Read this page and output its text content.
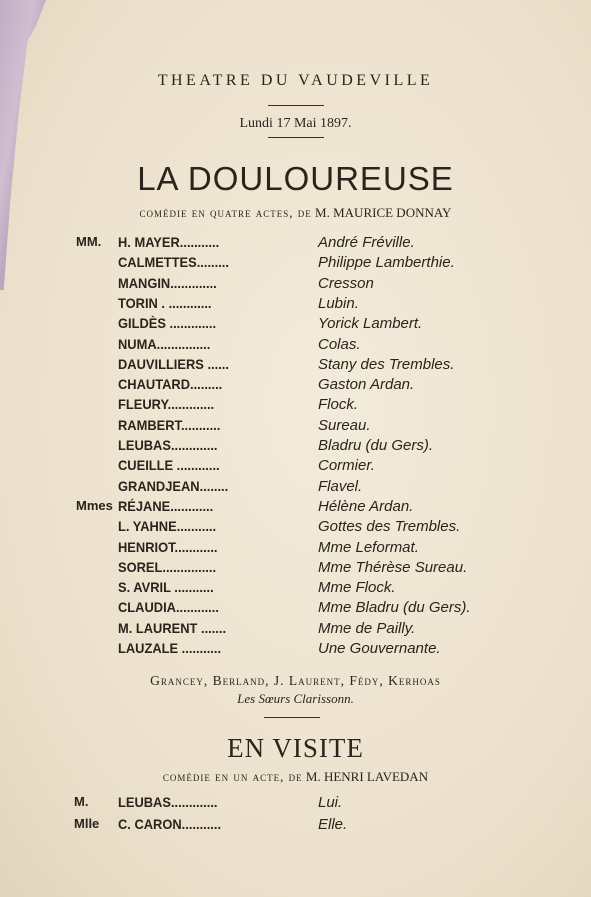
THEATRE DU VAUDEVILLE
Lundi 17 Mai 1897.
LA DOULOUREUSE
comédie en quatre actes, de M. MAURICE DONNAY
MM. H. MAYER...........	André Fréville.
CALMETTES.........	Philippe Lamberthie.
MANGIN.............	Cresson
TORIN . ............	Lubin.
GILDÈS .............	Yorick Lambert.
NUMA...............	Colas.
DAUVILLIERS ......	Stany des Trembles.
CHAUTARD.........	Gaston Ardan.
FLEURY.............	Flock.
RAMBERT...........	Sureau.
LEUBAS.............	Bladru (du Gers).
CUEILLE ............	Cormier.
GRANDJEAN........	Flavel.
Mmes RÉJANE............	Hélène Ardan.
L. YAHNE...........	Gottes des Trembles.
HENRIOT............	Mme Leformat.
SOREL...............	Mme Thérèse Sureau.
S. AVRIL ...........	Mme Flock.
CLAUDIA............	Mme Bladru (du Gers).
M. LAURENT .......	Mme de Pailly.
LAUZALE ...........	Une Gouvernante.
Grancey, Berland, J. Laurent, Fédy, Kerhoas
Les Sœurs Clarissonn.
EN VISITE
comédie en un acte, de M. HENRI LAVEDAN
M. LEUBAS.............	Lui.
Mlle C. CARON...........	Elle.
